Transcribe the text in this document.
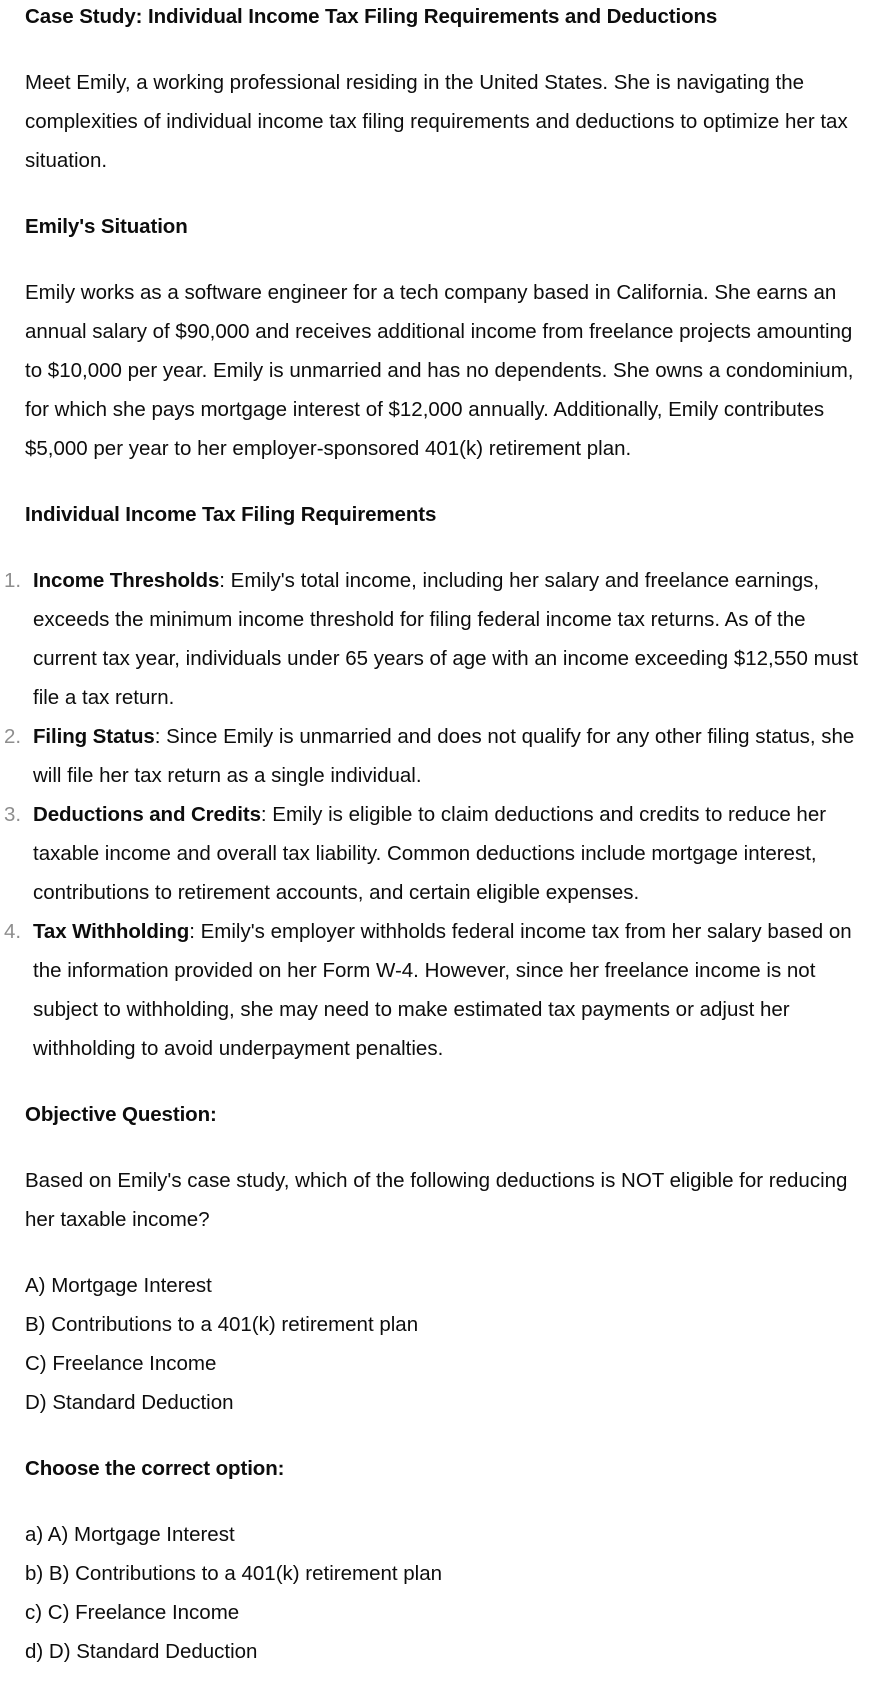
Case Study: Individual Income Tax Filing Requirements and Deductions
Meet Emily, a working professional residing in the United States. She is navigating the complexities of individual income tax filing requirements and deductions to optimize her tax situation.
Emily's Situation
Emily works as a software engineer for a tech company based in California. She earns an annual salary of $90,000 and receives additional income from freelance projects amounting to $10,000 per year. Emily is unmarried and has no dependents. She owns a condominium, for which she pays mortgage interest of $12,000 annually. Additionally, Emily contributes $5,000 per year to her employer-sponsored 401(k) retirement plan.
Individual Income Tax Filing Requirements
1. Income Thresholds: Emily's total income, including her salary and freelance earnings, exceeds the minimum income threshold for filing federal income tax returns. As of the current tax year, individuals under 65 years of age with an income exceeding $12,550 must file a tax return.
2. Filing Status: Since Emily is unmarried and does not qualify for any other filing status, she will file her tax return as a single individual.
3. Deductions and Credits: Emily is eligible to claim deductions and credits to reduce her taxable income and overall tax liability. Common deductions include mortgage interest, contributions to retirement accounts, and certain eligible expenses.
4. Tax Withholding: Emily's employer withholds federal income tax from her salary based on the information provided on her Form W-4. However, since her freelance income is not subject to withholding, she may need to make estimated tax payments or adjust her withholding to avoid underpayment penalties.
Objective Question:
Based on Emily's case study, which of the following deductions is NOT eligible for reducing her taxable income?
A) Mortgage Interest
B) Contributions to a 401(k) retirement plan
C) Freelance Income
D) Standard Deduction
Choose the correct option:
a) A) Mortgage Interest
b) B) Contributions to a 401(k) retirement plan
c) C) Freelance Income
d) D) Standard Deduction
